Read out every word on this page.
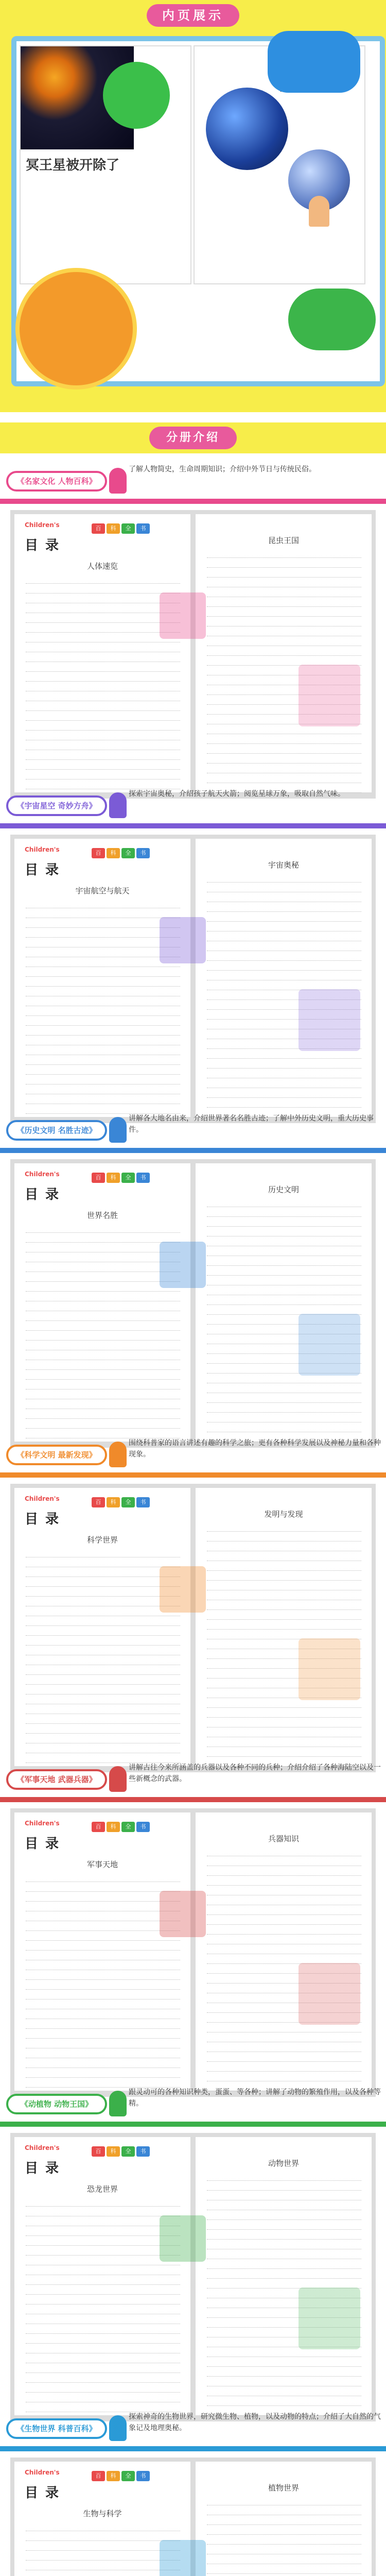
内页展示
冥王星被开除了
分册介绍
《名家文化 人物百科》
了解人物简史，生命周期知识；介绍中外节日与传统民俗。
Children's
目录
百	科	全	书
人体速览
昆虫王国
《宇宙星空 奇妙方舟》
探索宇宙奥秘，介绍孩子航天火箭；阅览星球万象，吸取自然气味。
Children's
目录
百	科	全	书
宇宙航空与航天
宇宙奥秘
《历史文明 名胜古迹》
讲解各大地名由来，介绍世界著名名胜古迹；了解中外历史文明，重大历史事件。
Children's
目录
百	科	全	书
世界名胜
历史文明
《科学文明 最新发现》
围绕科普家的语言讲述有趣的科学之旅；更有各种科学发展以及神秘力量和各种现象。
Children's
目录
百	科	全	书
科学世界
发明与发现
《军事天地 武器兵器》
讲解古往今来所涵盖的兵器以及各种不同的兵种；介绍介绍了各种海陆空以及一些新概念的武器。
Children's
目录
百	科	全	书
军事天地
兵器知识
《动植物 动物王国》
跟灵动可的各种知识种类，蛋蛋、等各种；讲解了动物的繁殖作用，以及各种等精。
Children's
目录
百	科	全	书
恐龙世界
动物世界
《生物世界 科普百科》
探索神奇的生物世界，研究微生物、植物，以及动物的特点；介绍了大自然的气象记及地理奥秘。
Children's
目录
百	科	全	书
生物与科学
植物世界
